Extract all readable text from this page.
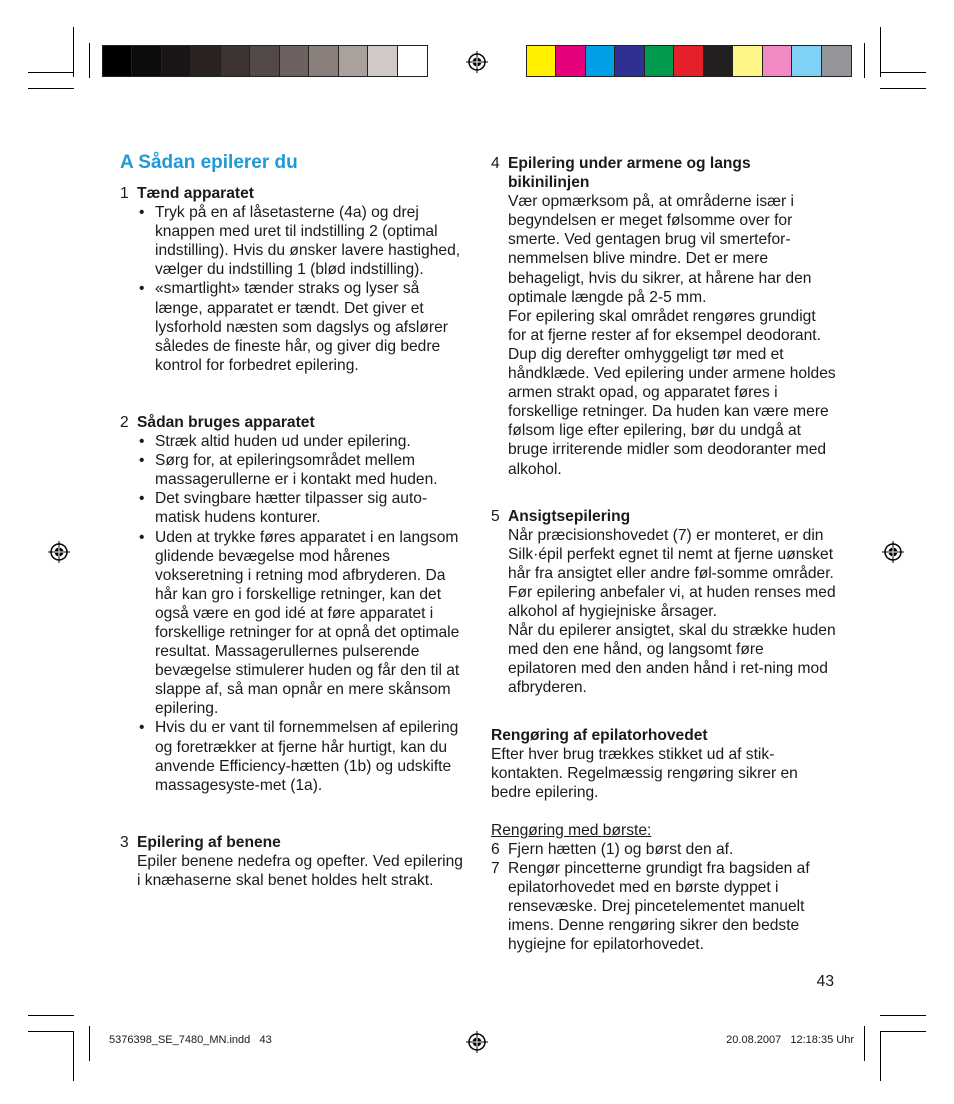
A Sådan epilerer du
1 Tænd apparatet
• Tryk på en af låsetasterne (4a) og drej knappen med uret til indstilling 2 (optimal indstilling). Hvis du ønsker lavere hastighed, vælger du indstilling 1 (blød indstilling).
• «smartlight» tænder straks og lyser så længe, apparatet er tændt. Det giver et lysforhold næsten som dagslys og afslører således de fineste hår, og giver dig bedre kontrol for forbedret epilering.
2 Sådan bruges apparatet
• Stræk altid huden ud under epilering.
• Sørg for, at epileringsområdet mellem massagerullerne er i kontakt med huden.
• Det svingbare hætter tilpasser sig auto-matisk hudens konturer.
• Uden at trykke føres apparatet i en langsom glidende bevægelse mod hårenes vokseretning i retning mod afbryderen. Da hår kan gro i forskellige retninger, kan det også være en god idé at føre apparatet i forskellige retninger for at opnå det optimale resultat. Massagerullernes pulserende bevægelse stimulerer huden og får den til at slappe af, så man opnår en mere skånsom epilering.
• Hvis du er vant til fornemmelsen af epilering og foretrækker at fjerne hår hurtigt, kan du anvende Efficiency-hætten (1b) og udskifte massagesyste-met (1a).
3 Epilering af benene
Epiler benene nedefra og opefter. Ved epilering i knæhaserne skal benet holdes helt strakt.
4 Epilering under armene og langs bikinilinjen
Vær opmærksom på, at områderne især i begyndelsen er meget følsomme over for smerte. Ved gentagen brug vil smertefor-nemmelsen blive mindre. Det er mere behageligt, hvis du sikrer, at hårene har den optimale længde på 2-5 mm.
For epilering skal området rengøres grundigt for at fjerne rester af for eksempel deodorant. Dup dig derefter omhyggeligt tør med et håndklæde. Ved epilering under armene holdes armen strakt opad, og apparatet føres i forskellige retninger. Da huden kan være mere følsom lige efter epilering, bør du undgå at bruge irriterende midler som deodoranter med alkohol.
5 Ansigtsepilering
Når præcisionshovedet (7) er monteret, er din Silk·épil perfekt egnet til nemt at fjerne uønsket hår fra ansigtet eller andre føl-somme områder.
Før epilering anbefaler vi, at huden renses med alkohol af hygiejniske årsager.
Når du epilerer ansigtet, skal du strække huden med den ene hånd, og langsomt føre epilatoren med den anden hånd i ret-ning mod afbryderen.
Rengøring af epilatorhovedet
Efter hver brug trækkes stikket ud af stik-kontakten. Regelmæssig rengøring sikrer en bedre epilering.
Rengøring med børste:
6 Fjern hætten (1) og børst den af.
7 Rengør pincetterne grundigt fra bagsiden af epilatorhovedet med en børste dyppet i rensevæske. Drej pincetelementet manuelt imens. Denne rengøring sikrer den bedste hygiejne for epilatorhovedet.
43
5376398_SE_7480_MN.indd   43	20.08.2007   12:18:35 Uhr
